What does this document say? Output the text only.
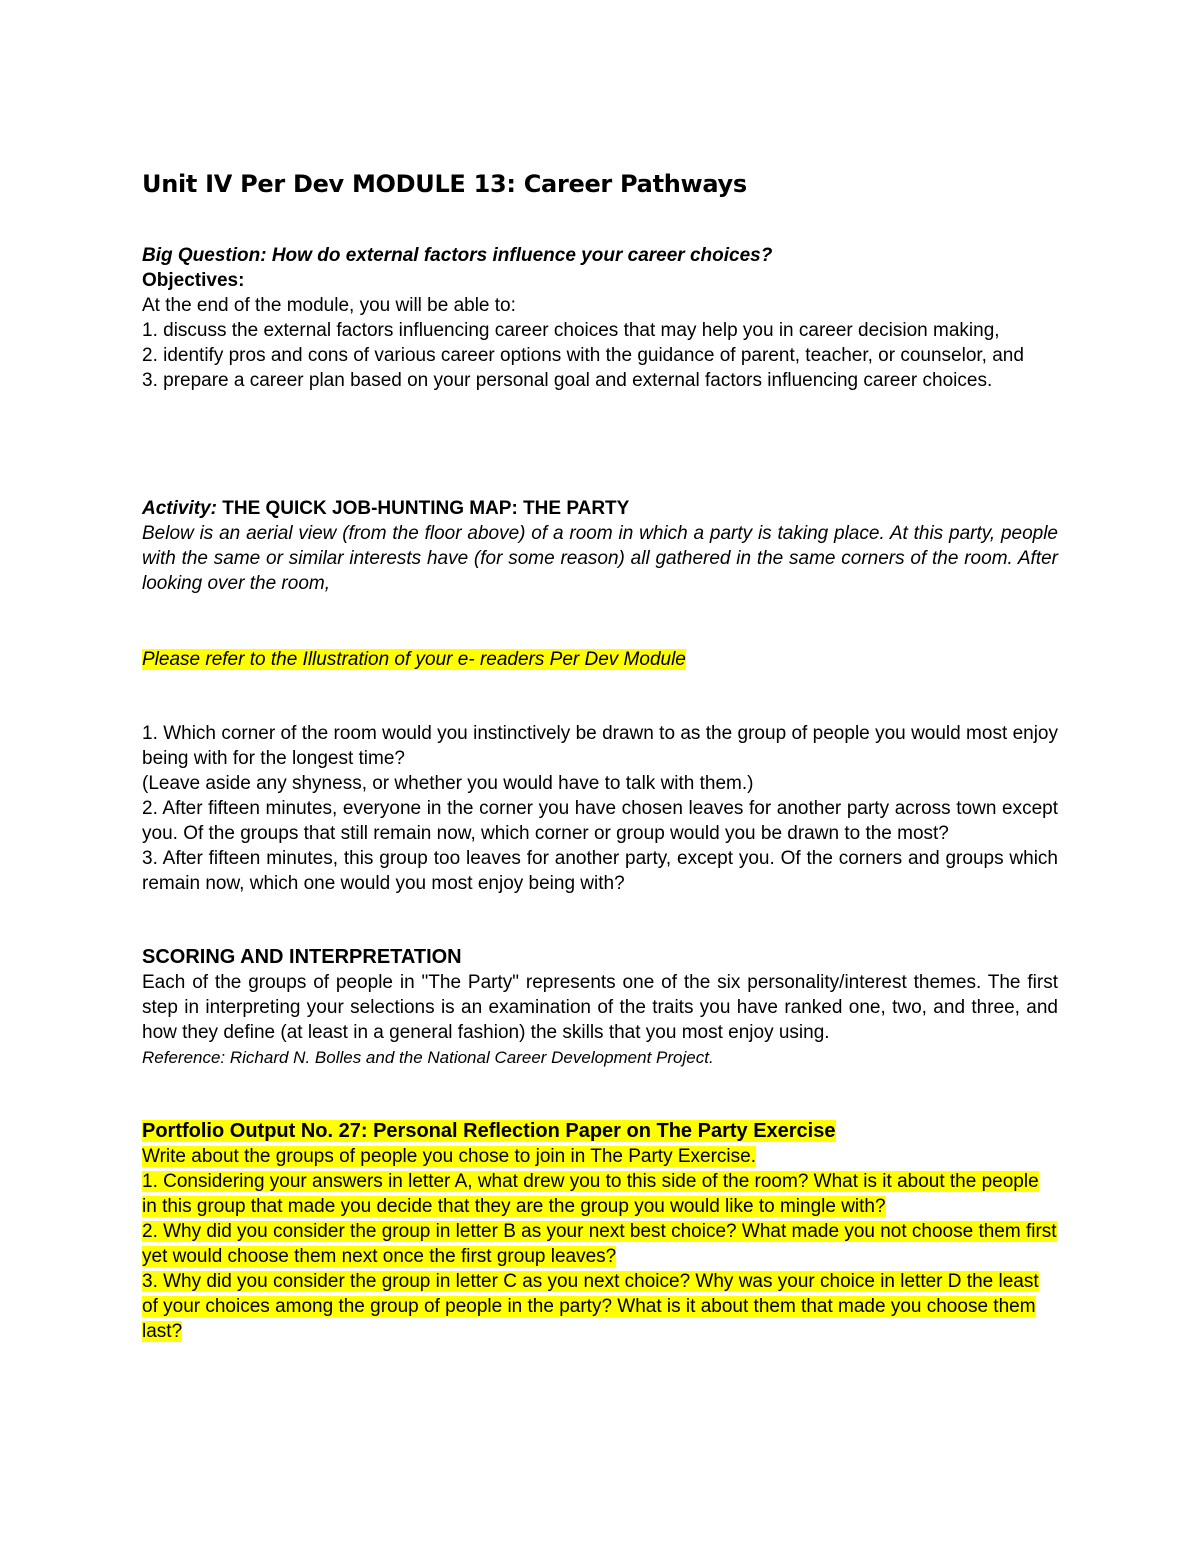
Unit IV Per Dev MODULE 13: Career Pathways
Big Question: How do external factors influence your career choices?
Objectives:
At the end of the module, you will be able to:
1. discuss the external factors influencing career choices that may help you in career decision making,
2. identify pros and cons of various career options with the guidance of parent, teacher, or counselor, and
3. prepare a career plan based on your personal goal and external factors influencing career choices.
Activity: THE QUICK JOB-HUNTING MAP: THE PARTY
Below is an aerial view (from the floor above) of a room in which a party is taking place. At this party, people with the same or similar interests have (for some reason) all gathered in the same corners of the room. After looking over the room,
Please refer to the Illustration of your e- readers Per Dev Module
1. Which corner of the room would you instinctively be drawn to as the group of people you would most enjoy being with for the longest time?
(Leave aside any shyness, or whether you would have to talk with them.)
2. After fifteen minutes, everyone in the corner you have chosen leaves for another party across town except you. Of the groups that still remain now, which corner or group would you be drawn to the most?
3. After fifteen minutes, this group too leaves for another party, except you. Of the corners and groups which remain now, which one would you most enjoy being with?
SCORING AND INTERPRETATION
Each of the groups of people in "The Party" represents one of the six personality/interest themes. The first step in interpreting your selections is an examination of the traits you have ranked one, two, and three, and how they define (at least in a general fashion) the skills that you most enjoy using.
Reference: Richard N. Bolles and the National Career Development Project.
Portfolio Output No. 27: Personal Reflection Paper on The Party Exercise
Write about the groups of people you chose to join in The Party Exercise.
1. Considering your answers in letter A, what drew you to this side of the room? What is it about the people in this group that made you decide that they are the group you would like to mingle with?
2. Why did you consider the group in letter B as your next best choice? What made you not choose them first yet would choose them next once the first group leaves?
3. Why did you consider the group in letter C as you next choice? Why was your choice in letter D the least of your choices among the group of people in the party? What is it about them that made you choose them last?
